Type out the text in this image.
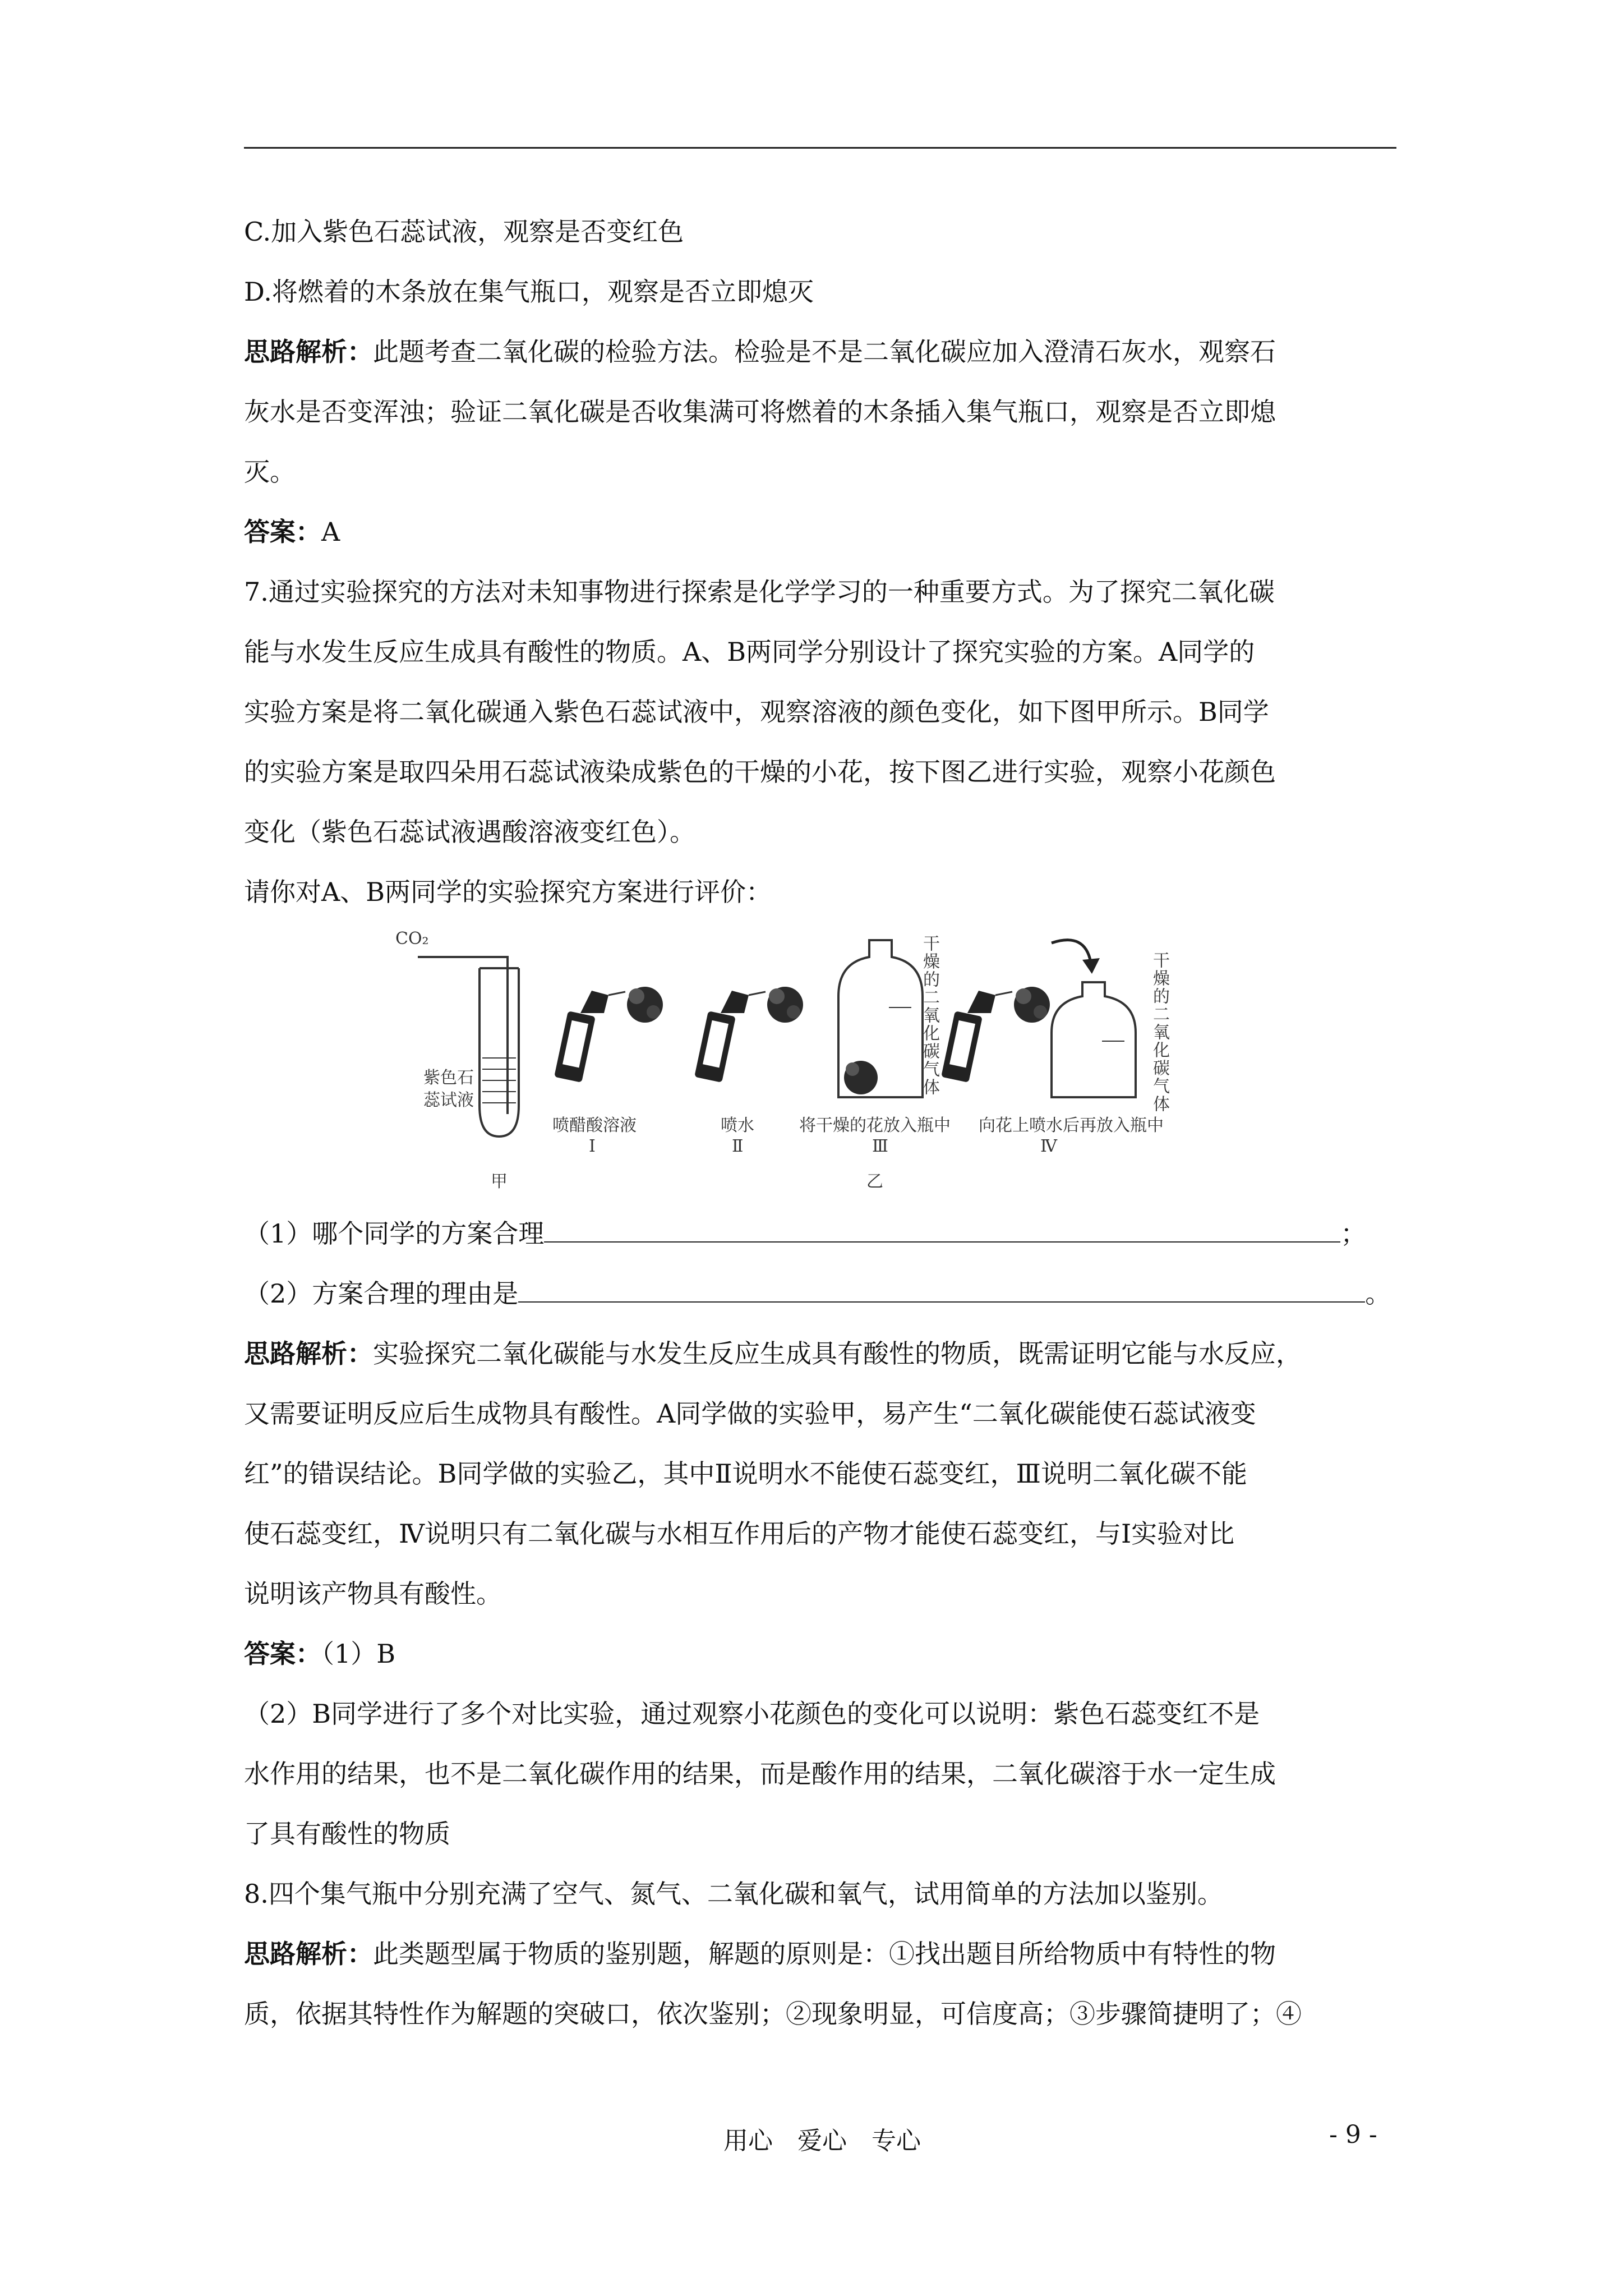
C.加入紫色石蕊试液，观察是否变红色

D.将燃着的木条放在集气瓶口，观察是否立即熄灭

思路解析：此题考查二氧化碳的检验方法。检验是不是二氧化碳应加入澄清石灰水，观察石

灰水是否变浑浊；验证二氧化碳是否收集满可将燃着的木条插入集气瓶口，观察是否立即熄

灭。

答案：A

7.通过实验探究的方法对未知事物进行探索是化学学习的一种重要方式。为了探究二氧化碳

能与水发生反应生成具有酸性的物质。A、B两同学分别设计了探究实验的方案。A同学的

实验方案是将二氧化碳通入紫色石蕊试液中，观察溶液的颜色变化，如下图甲所示。B同学

的实验方案是取四朵用石蕊试液染成紫色的干燥的小花，按下图乙进行实验，观察小花颜色

变化（紫色石蕊试液遇酸溶液变红色）。

请你对A、B两同学的实验探究方案进行评价：

CO₂
紫色石
蕊试液
干燥的二氧化碳气体	干燥的二氧化碳气体
喷醋酸溶液	喷水	将干燥的花放入瓶中 向花上喷水后再放入瓶中
Ⅰ	Ⅱ	Ⅲ	Ⅳ
甲	乙

（1）哪个同学的方案合理	；

（2）方案合理的理由是	。

思路解析：实验探究二氧化碳能与水发生反应生成具有酸性的物质，既需证明它能与水反应，

又需要证明反应后生成物具有酸性。A同学做的实验甲，易产生“二氧化碳能使石蕊试液变

红”的错误结论。B同学做的实验乙，其中Ⅱ说明水不能使石蕊变红，Ⅲ说明二氧化碳不能

使石蕊变红，Ⅳ说明只有二氧化碳与水相互作用后的产物才能使石蕊变红，与Ⅰ实验对比

说明该产物具有酸性。

答案：（1）B

（2）B同学进行了多个对比实验，通过观察小花颜色的变化可以说明：紫色石蕊变红不是

水作用的结果，也不是二氧化碳作用的结果，而是酸作用的结果，二氧化碳溶于水一定生成

了具有酸性的物质

8.四个集气瓶中分别充满了空气、氮气、二氧化碳和氧气，试用简单的方法加以鉴别。

思路解析：此类题型属于物质的鉴别题，解题的原则是：①找出题目所给物质中有特性的物

质，依据其特性作为解题的突破口，依次鉴别；②现象明显，可信度高；③步骤简捷明了；④

用心　爱心　专心	- 9 -
